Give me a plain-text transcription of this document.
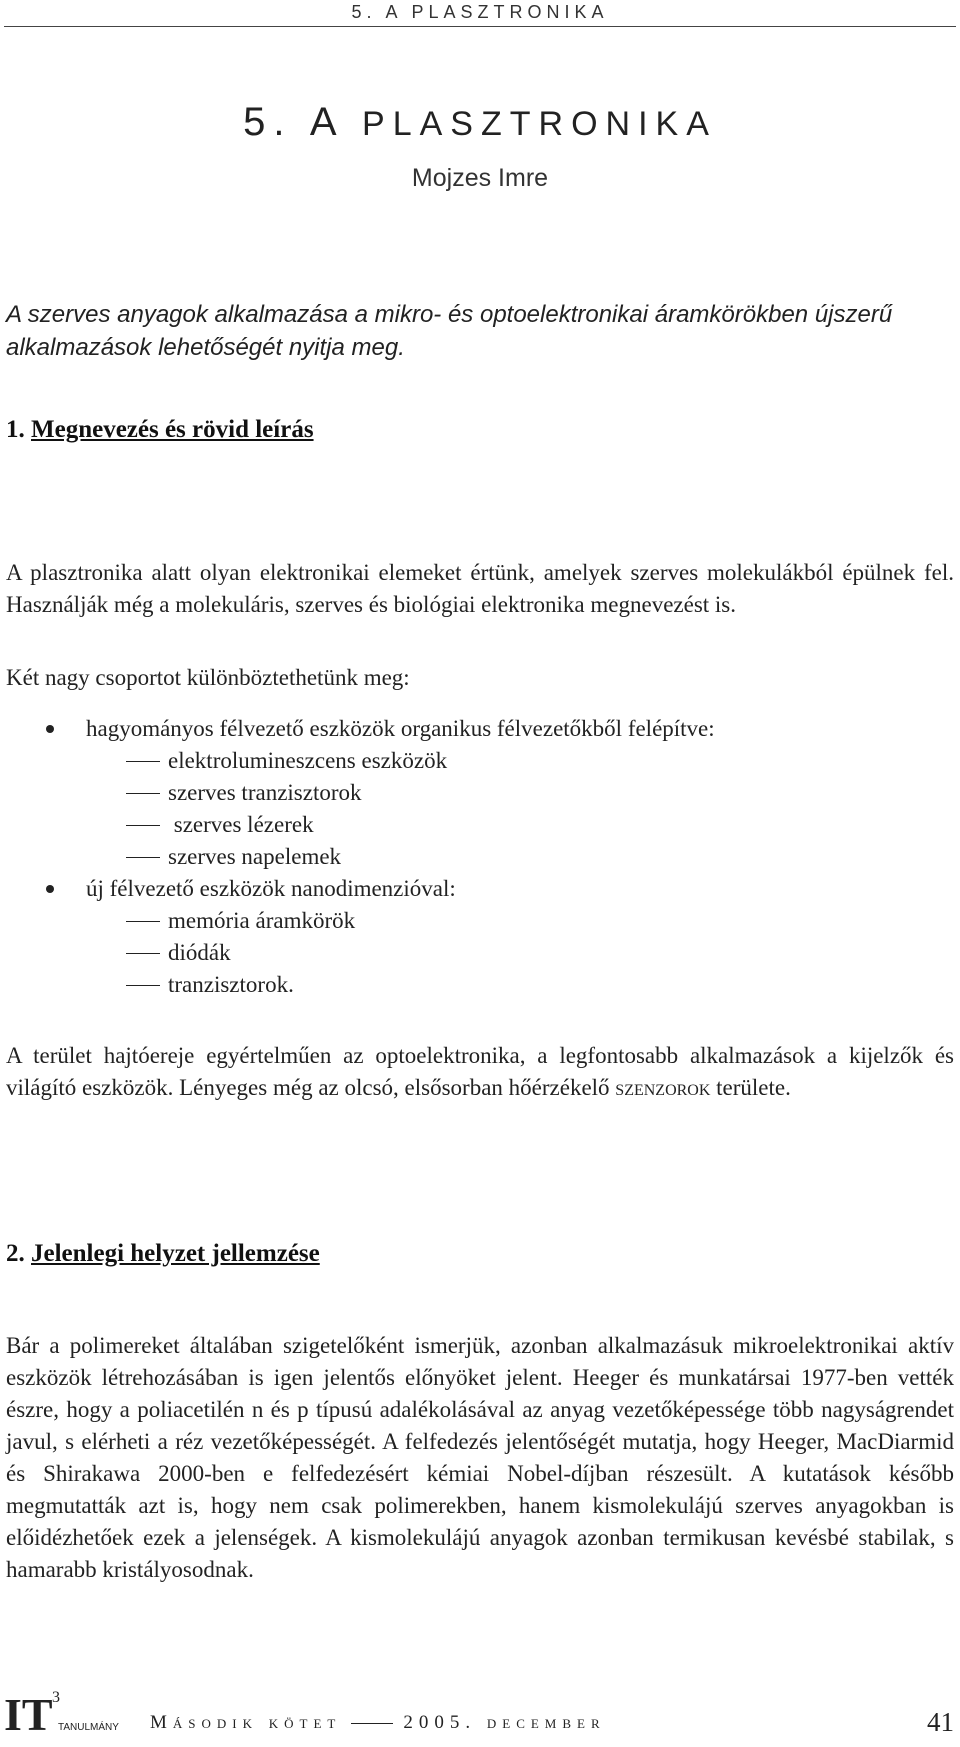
5. A PLASZTRONIKA
5. A PLASZTRONIKA
Mojzes Imre
A szerves anyagok alkalmazása a mikro- és optoelektronikai áramkörökben újszerű alkalmazások lehetőségét nyitja meg.
1. Megnevezés és rövid leírás
A plasztronika alatt olyan elektronikai elemeket értünk, amelyek szerves molekulákból épülnek fel. Használják még a molekuláris, szerves és biológiai elektronika megnevezést is.
Két nagy csoportot különböztethetünk meg:
hagyományos félvezető eszközök organikus félvezetőkből felépítve:
elektrolumineszcens eszközök
szerves tranzisztorok
szerves lézerek
szerves napelemek
új félvezető eszközök nanodimenzióval:
memória áramkörök
diódák
tranzisztorok.
A terület hajtóereje egyértelműen az optoelektronika, a legfontosabb alkalmazások a kijelzők és világító eszközök. Lényeges még az olcsó, elsősorban hőérzékelő szenzorok területe.
2. Jelenlegi helyzet jellemzése
Bár a polimereket általában szigetelőként ismerjük, azonban alkalmazásuk mikroelektronikai aktív eszközök létrehozásában is igen jelentős előnyöket jelent. Heeger és munkatársai 1977-ben vették észre, hogy a poliacetilén n és p típusú adalékolásával az anyag vezetőképessége több nagyságrendet javul, s elérheti a réz vezetőképességét. A felfedezés jelentőségét mutatja, hogy Heeger, MacDiarmid és Shirakawa 2000-ben e felfedezésért kémiai Nobel-díjban részesült. A kutatások később megmutatták azt is, hogy nem csak polimerekben, hanem kismolekulájú szerves anyagokban is előidézhetőek ezek a jelenségek. A kismolekulájú anyagok azonban termikusan kevésbé stabilak, s hamarabb kristályosodnak.
IT 3
TANULMÁNY Második kötet	2005. december	41
